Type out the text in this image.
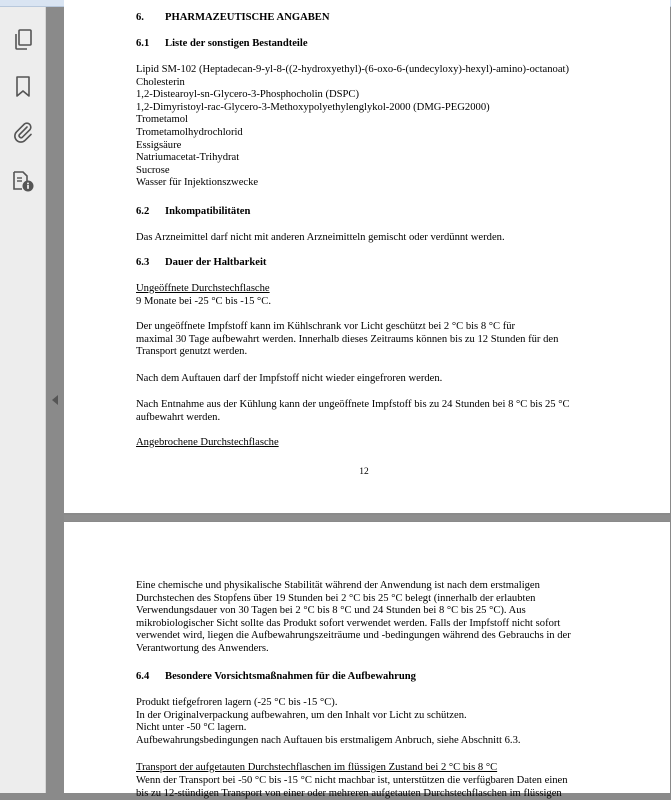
6. PHARMAZEUTISCHE ANGABEN

6.1 Liste der sonstigen Bestandteile

Lipid SM-102 (Heptadecan-9-yl-8-((2-hydroxyethyl)-(6-oxo-6-(undecyloxy)-hexyl)-amino)-octanoat)
Cholesterin
1,2-Distearoyl-sn-Glycero-3-Phosphocholin (DSPC)
1,2-Dimyristoyl-rac-Glycero-3-Methoxypolyethylenglykol-2000 (DMG-PEG2000)
Trometamol
Trometamolhydrochlorid
Essigsäure
Natriumacetat-Trihydrat
Sucrose
Wasser für Injektionszwecke

6.2 Inkompatibilitäten

Das Arzneimittel darf nicht mit anderen Arzneimitteln gemischt oder verdünnt werden.

6.3 Dauer der Haltbarkeit

Ungeöffnete Durchstechflasche

9 Monate bei -25 °C bis -15 °C.

Der ungeöffnete Impfstoff kann im Kühlschrank vor Licht geschützt bei 2 °C bis 8 °C für
maximal 30 Tage aufbewahrt werden. Innerhalb dieses Zeitraums können bis zu 12 Stunden für den
Transport genutzt werden.

Nach dem Auftauen darf der Impfstoff nicht wieder eingefroren werden.

Nach Entnahme aus der Kühlung kann der ungeöffnete Impfstoff bis zu 24 Stunden bei 8 °C bis 25 °C
aufbewahrt werden.

Angebrochene Durchstechflasche

12
Eine chemische und physikalische Stabilität während der Anwendung ist nach dem erstmaligen
Durchstechen des Stopfens über 19 Stunden bei 2 °C bis 25 °C belegt (innerhalb der erlaubten
Verwendungsdauer von 30 Tagen bei 2 °C bis 8 °C und 24 Stunden bei 8 °C bis 25 °C). Aus
mikrobiologischer Sicht sollte das Produkt sofort verwendet werden. Falls der Impfstoff nicht sofort
verwendet wird, liegen die Aufbewahrungszeiträume und -bedingungen während des Gebrauchs in der
Verantwortung des Anwenders.

6.4 Besondere Vorsichtsmaßnahmen für die Aufbewahrung

Produkt tiefgefroren lagern (-25 °C bis -15 °C).
In der Originalverpackung aufbewahren, um den Inhalt vor Licht zu schützen.
Nicht unter -50 °C lagern.
Aufbewahrungsbedingungen nach Auftauen bis erstmaligem Anbruch, siehe Abschnitt 6.3.

Transport der aufgetauten Durchstechflaschen im flüssigen Zustand bei 2 °C bis 8 °C

Wenn der Transport bei -50 °C bis -15 °C nicht machbar ist, unterstützen die verfügbaren Daten einen
bis zu 12-stündigen Transport von einer oder mehreren aufgetauten Durchstechflaschen im flüssigen
